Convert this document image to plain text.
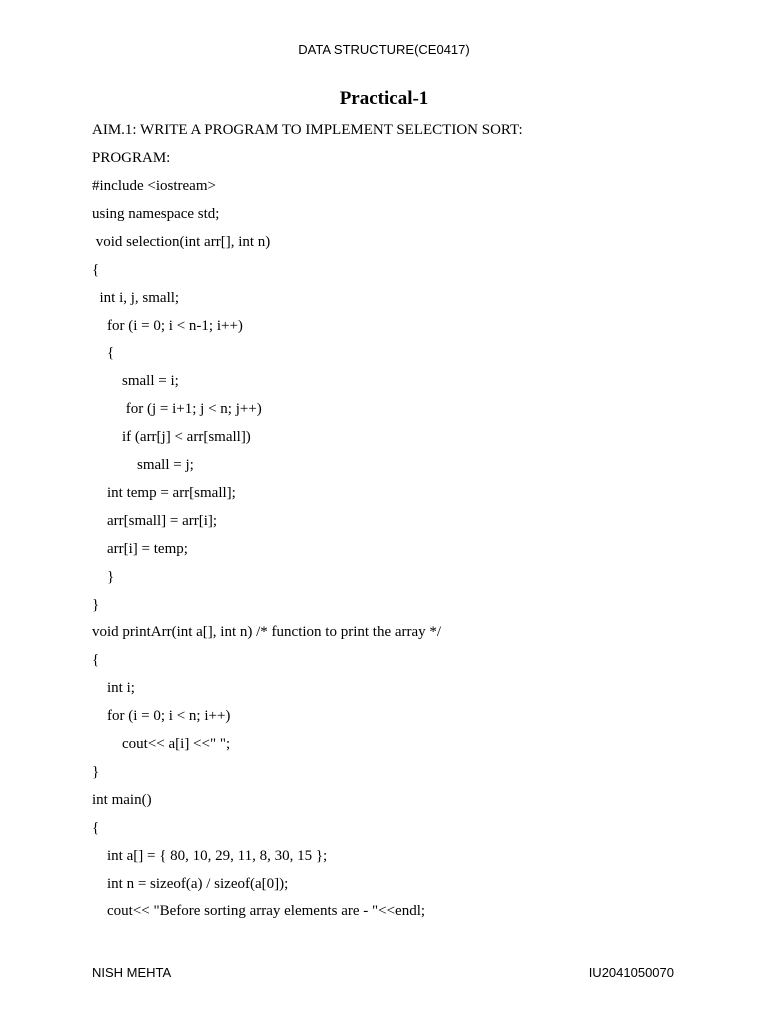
DATA STRUCTURE(CE0417)
Practical-1
AIM.1: WRITE A PROGRAM TO IMPLEMENT SELECTION SORT:
PROGRAM:
#include <iostream>
using namespace std;
void selection(int arr[], int n)
{
int i, j, small;
for (i = 0; i < n-1; i++)
{
small = i;
for (j = i+1; j < n; j++)
if (arr[j] < arr[small])
small = j;
int temp = arr[small];
arr[small] = arr[i];
arr[i] = temp;
}
}
void printArr(int a[], int n) /* function to print the array */
{
int i;
for (i = 0; i < n; i++)
cout<< a[i] <<" ";
}
int main()
{
int a[] = { 80, 10, 29, 11, 8, 30, 15 };
int n = sizeof(a) / sizeof(a[0]);
cout<< "Before sorting array elements are - "<<endl;
NISH MEHTA	IU2041050070
